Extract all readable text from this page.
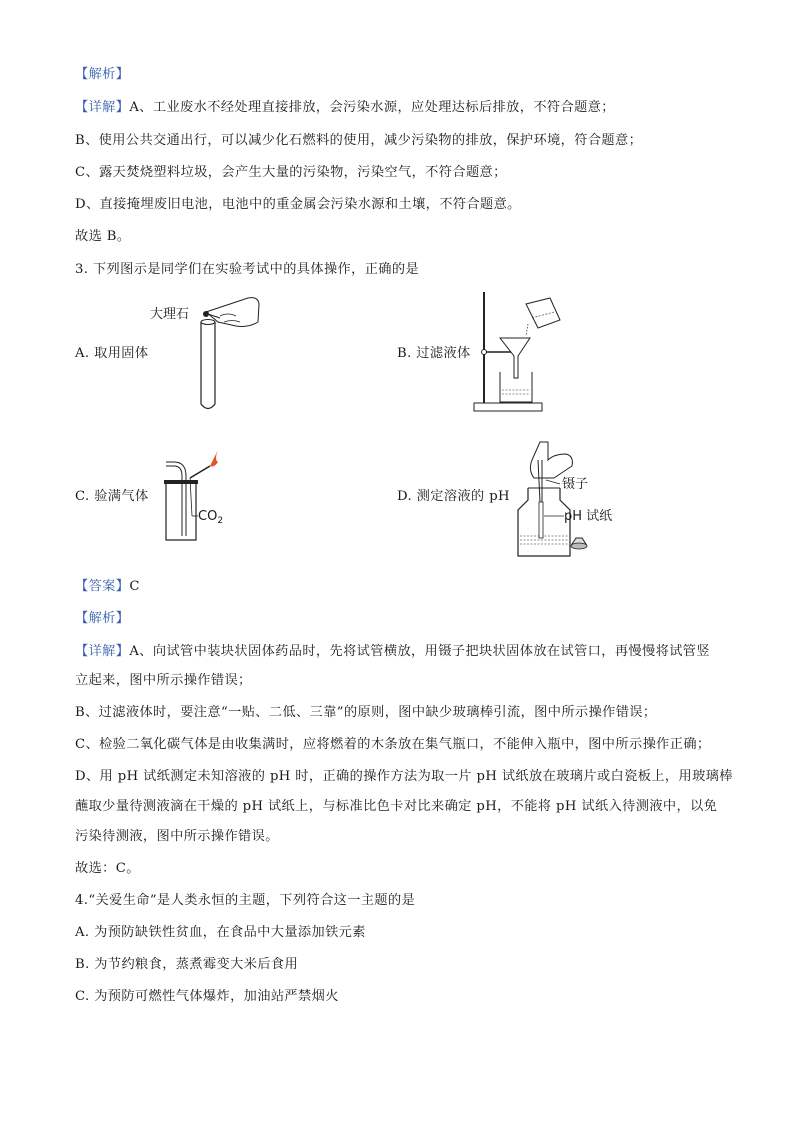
【解析】
【详解】A、工业废水不经处理直接排放，会污染水源，应处理达标后排放，不符合题意；
B、使用公共交通出行，可以减少化石燃料的使用，减少污染物的排放，保护环境，符合题意；
C、露天焚烧塑料垃圾，会产生大量的污染物，污染空气，不符合题意；
D、直接掩埋废旧电池，电池中的重金属会污染水源和土壤，不符合题意。
故选 B。
3. 下列图示是同学们在实验考试中的具体操作，正确的是
A. 取用固体
大理石
B. 过滤液体
C. 验满气体
$CO_2$
D. 测定溶液的 pH
镊子
pH 试纸
【答案】C
【解析】
【详解】A、向试管中装块状固体药品时，先将试管横放，用镊子把块状固体放在试管口，再慢慢将试管竖
立起来，图中所示操作错误；
B、过滤液体时，要注意“一贴、二低、三靠”的原则，图中缺少玻璃棒引流，图中所示操作错误；
C、检验二氧化碳气体是由收集满时，应将燃着的木条放在集气瓶口，不能伸入瓶中，图中所示操作正确；
D、用 pH 试纸测定未知溶液的 pH 时，正确的操作方法为取一片 pH 试纸放在玻璃片或白瓷板上，用玻璃棒
蘸取少量待测液滴在干燥的 pH 试纸上，与标准比色卡对比来确定 pH，不能将 pH 试纸入待测液中，以免
污染待测液，图中所示操作错误。
故选：C。
4.“关爱生命”是人类永恒的主题，下列符合这一主题的是
A. 为预防缺铁性贫血，在食品中大量添加铁元素
B. 为节约粮食，蒸煮霉变大米后食用
C. 为预防可燃性气体爆炸，加油站严禁烟火
